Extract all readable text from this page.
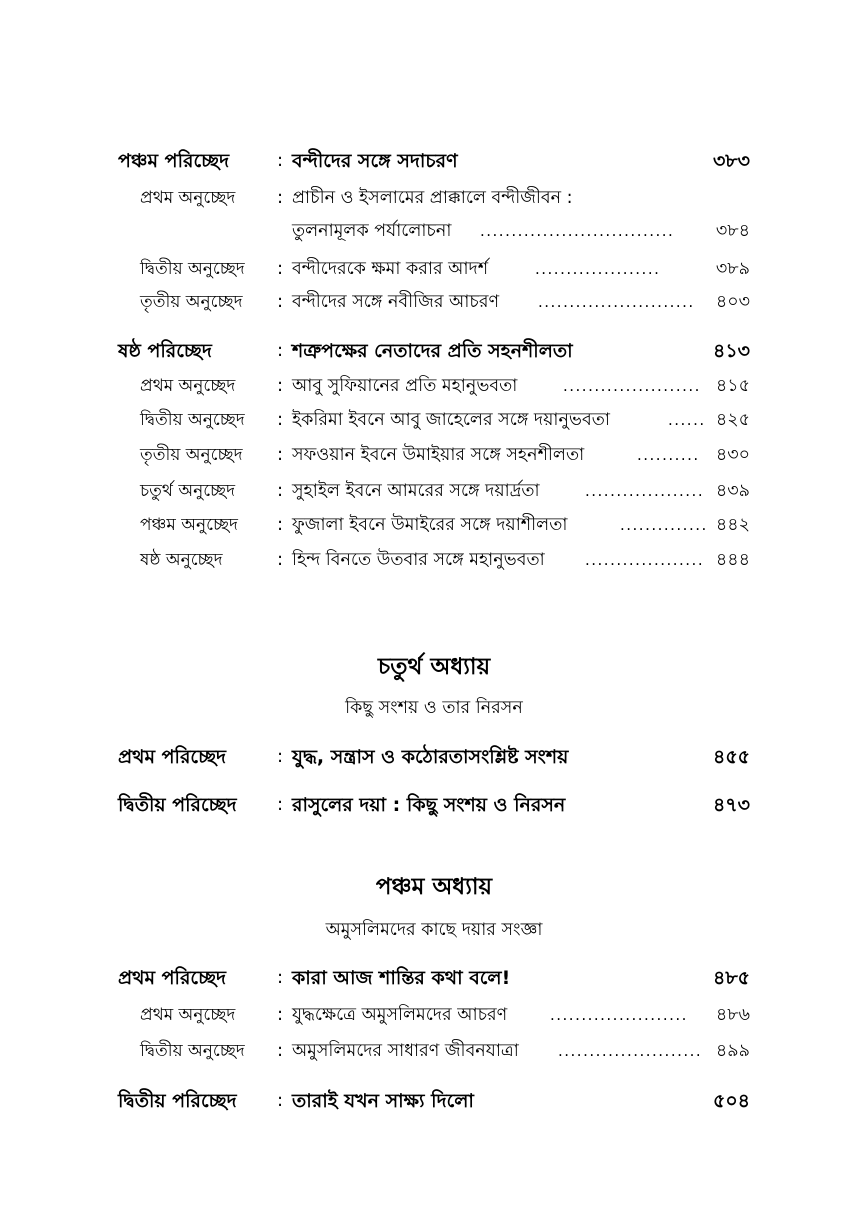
পঞ্চম পরিচ্ছেদ	: বন্দীদের সঙ্গে সদাচরণ	৩৮৩
প্রথম অনুচ্ছেদ : প্রাচীন ও ইসলামের প্রাক্কালে বন্দীজীবন :
তুলনামূলক পর্যালোচনা ............................... ৩৮৪
দ্বিতীয় অনুচ্ছেদ : বন্দীদেরকে ক্ষমা করার আদর্শ	....................	৩৮৯
তৃতীয় অনুচ্ছেদ : বন্দীদের সঙ্গে নবীজির আচরণ	......................... ৪০৩
ষষ্ঠ পরিচ্ছেদ	: শত্রুপক্ষের নেতাদের প্রতি সহনশীলতা	৪১৩
প্রথম অনুচ্ছেদ : আবু সুফিয়ানের প্রতি মহানুভবতা	...................... ৪১৫
দ্বিতীয় অনুচ্ছেদ : ইকরিমা ইবনে আবু জাহেলের সঙ্গে দয়ানুভবতা	...... ৪২৫
তৃতীয় অনুচ্ছেদ : সফওয়ান ইবনে উমাইয়ার সঙ্গে সহনশীলতা	.......... ৪৩০
চতুর্থ অনুচ্ছেদ : সুহাইল ইবনে আমরের সঙ্গে দয়ার্দ্রতা	................... ৪৩৯
পঞ্চম অনুচ্ছেদ : ফুজালা ইবনে উমাইরের সঙ্গে দয়াশীলতা	.............. ৪৪২
ষষ্ঠ অনুচ্ছেদ	: হিন্দ বিনতে উতবার সঙ্গে মহানুভবতা	................... ৪৪৪
চতুর্থ অধ্যায়
কিছু সংশয় ও তার নিরসন
প্রথম পরিচ্ছেদ	: যুদ্ধ, সন্ত্রাস ও কঠোরতাসংশ্লিষ্ট সংশয়	৪৫৫
দ্বিতীয় পরিচ্ছেদ : রাসুলের দয়া : কিছু সংশয় ও নিরসন	৪৭৩
পঞ্চম অধ্যায়
অমুসলিমদের কাছে দয়ার সংজ্ঞা
প্রথম পরিচ্ছেদ	: কারা আজ শান্তির কথা বলে!	৪৮৫
প্রথম অনুচ্ছেদ : যুদ্ধক্ষেত্রে অমুসলিমদের আচরণ	...................... ৪৮৬
দ্বিতীয় অনুচ্ছেদ : অমুসলিমদের সাধারণ জীবনযাত্রা	....................... ৪৯৯
দ্বিতীয় পরিচ্ছেদ : তারাই যখন সাক্ষ্য দিলো	৫০৪
